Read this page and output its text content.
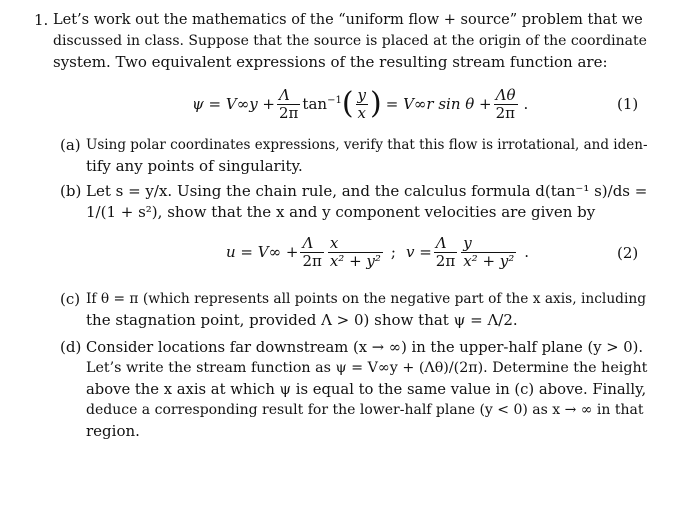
1. Let’s work out the mathematics of the “uniform flow + source” problem that we
discussed in class. Suppose that the source is placed at the origin of the coordinate
system. Two equivalent expressions of the resulting stream function are:
$\psi = V\infty y + \frac{\Lambda}{2\pi} \tan^{-1}$ ( $\frac{y}{x}$ ) = V∞r $\sin \theta + \frac{\Lambda\theta}{2\pi}$ .	(1)
(a) Using polar coordinates expressions, verify that this flow is irrotational, and iden-
tify any points of singularity.
(b) Let s = y/x. Using the chain rule, and the calculus formula d(tan⁻¹ s)/ds =
1/(1 + s²), show that the x and y component velocities are given by
$u = V\infty + \frac{\Lambda}{2\pi} \frac{x}{\text{x² + y²}}$ ; $v = \frac{\Lambda}{2\pi} \frac{y}{\text{x² + y²}}$ .	(2)
(c) If θ = π (which represents all points on the negative part of the x axis, including
the stagnation point, provided Λ > 0) show that ψ = Λ/2.
(d) Consider locations far downstream (x → ∞) in the upper-half plane (y > 0).
Let’s write the stream function as ψ = V∞y + (Λθ)/(2π). Determine the height
above the x axis at which ψ is equal to the same value in (c) above. Finally,
deduce a corresponding result for the lower-half plane (y < 0) as x → ∞ in that
region.
